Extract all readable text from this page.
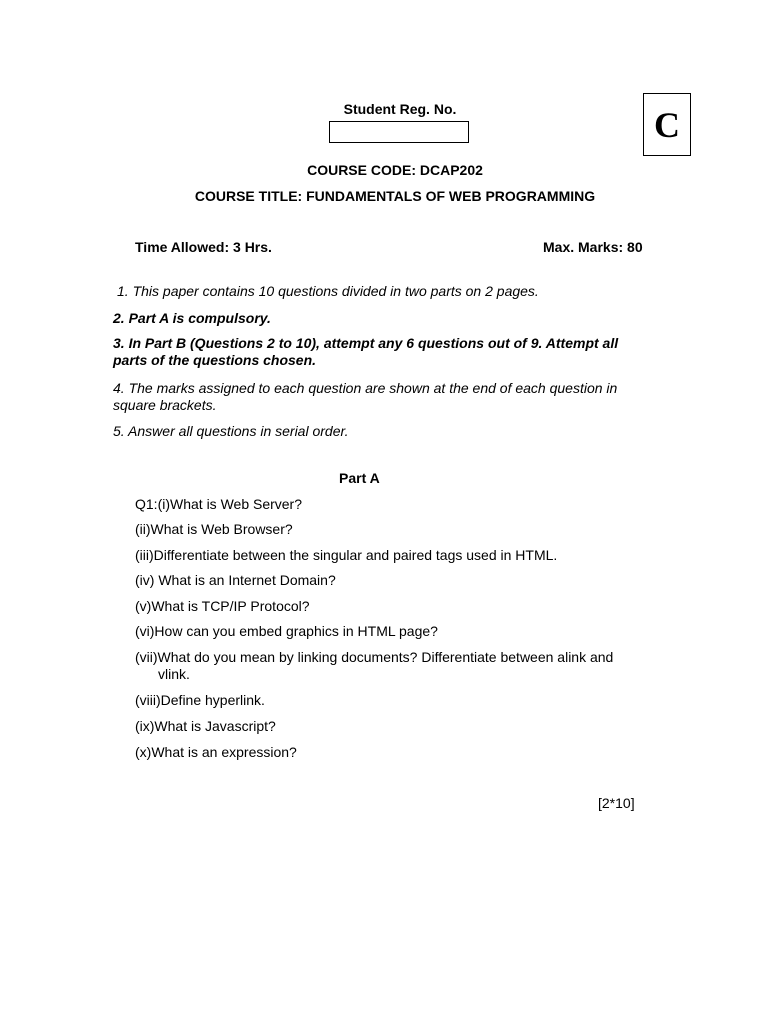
Student Reg. No.	C
COURSE CODE: DCAP202
COURSE TITLE: FUNDAMENTALS OF WEB PROGRAMMING
Time Allowed: 3 Hrs.	Max. Marks: 80
1. This paper contains 10 questions divided in two parts on 2 pages.
2. Part A is compulsory.
3. In Part B (Questions 2 to 10), attempt any 6 questions out of 9. Attempt all parts of the questions chosen.
4. The marks assigned to each question are shown at the end of each question in square brackets.
5. Answer all questions in serial order.
Part A
Q1:(i)What is Web Server?
(ii)What is Web Browser?
(iii)Differentiate between the singular and paired tags used in HTML.
(iv) What is an Internet Domain?
(v)What is TCP/IP Protocol?
(vi)How can you embed graphics in HTML page?
(vii)What do you mean by linking documents? Differentiate between alink and
vlink.
(viii)Define hyperlink.
(ix)What is Javascript?
(x)What is an expression?
[2*10]
